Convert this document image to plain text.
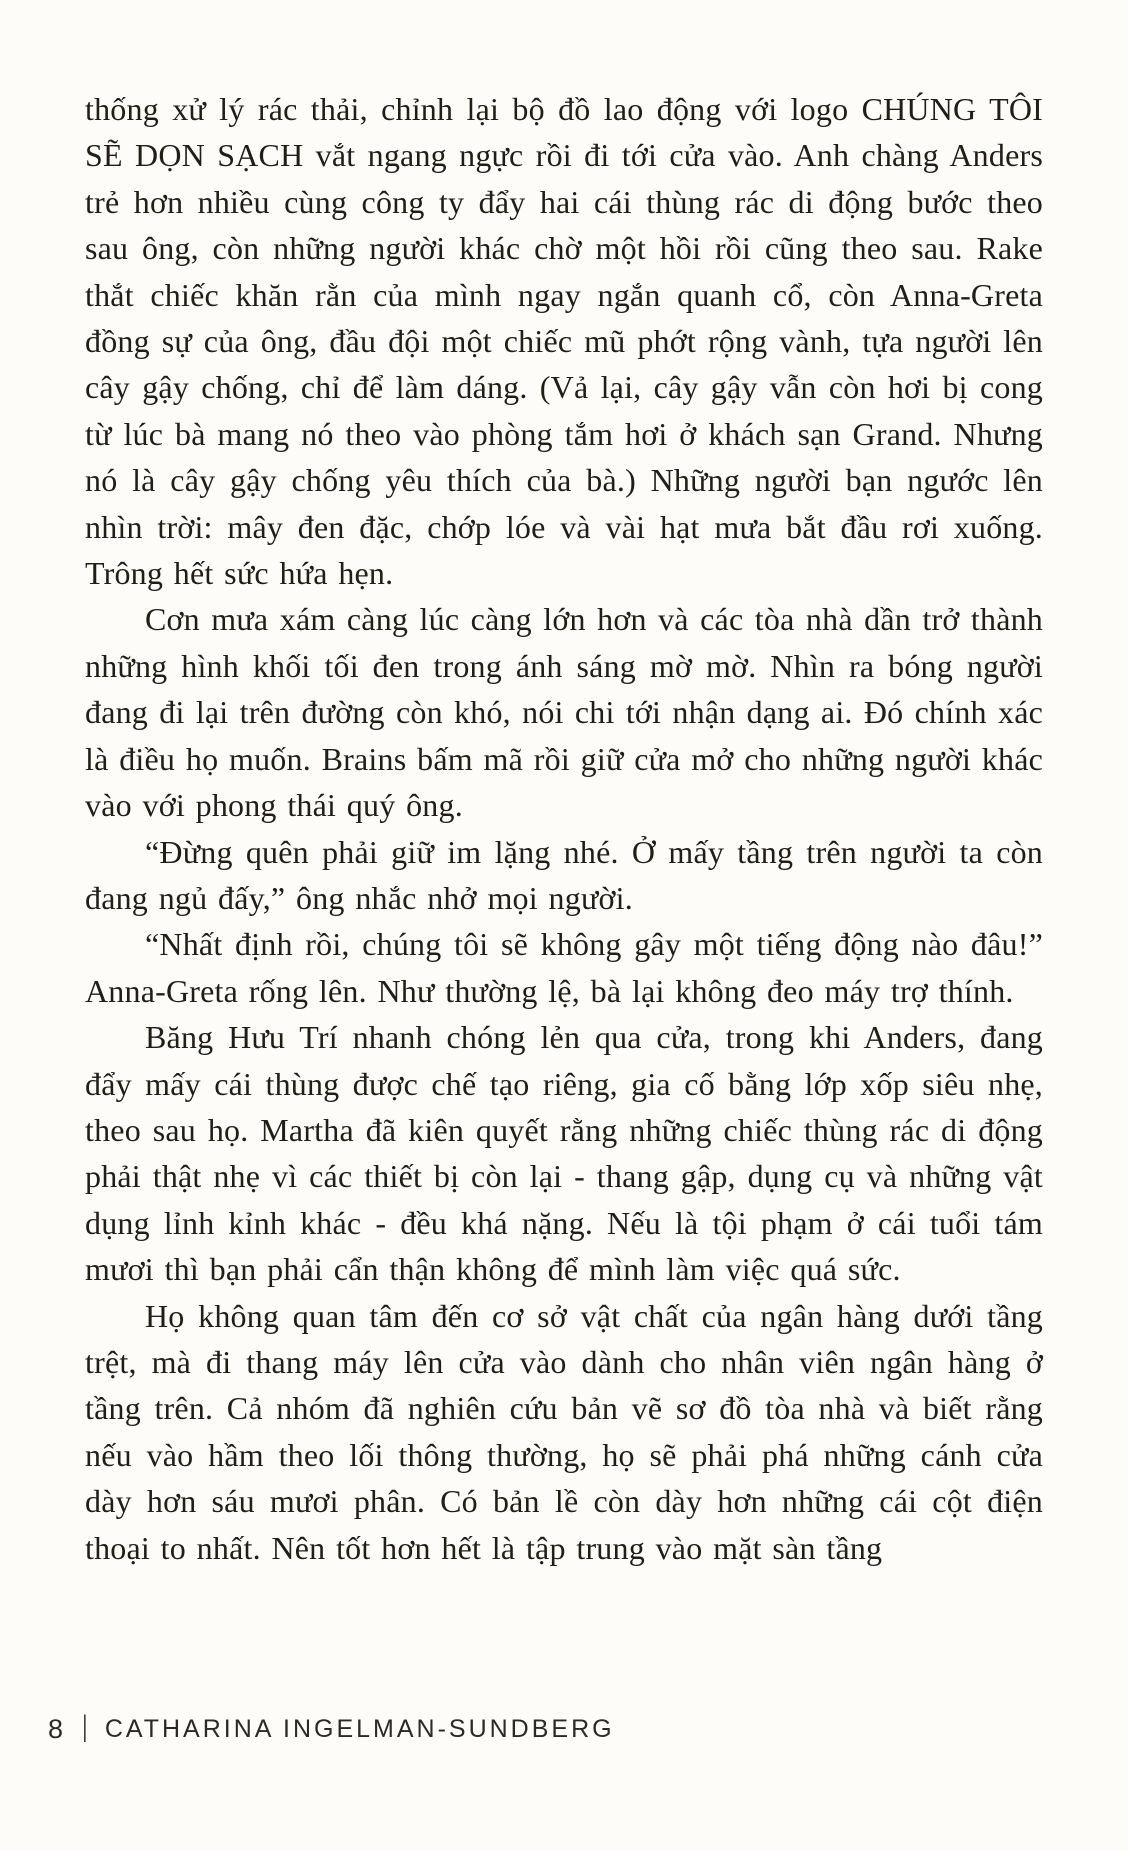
thống xử lý rác thải, chỉnh lại bộ đồ lao động với logo CHÚNG TÔI SẼ DỌN SẠCH vắt ngang ngực rồi đi tới cửa vào. Anh chàng Anders trẻ hơn nhiều cùng công ty đẩy hai cái thùng rác di động bước theo sau ông, còn những người khác chờ một hồi rồi cũng theo sau. Rake thắt chiếc khăn rằn của mình ngay ngắn quanh cổ, còn Anna-Greta đồng sự của ông, đầu đội một chiếc mũ phớt rộng vành, tựa người lên cây gậy chống, chỉ để làm dáng. (Vả lại, cây gậy vẫn còn hơi bị cong từ lúc bà mang nó theo vào phòng tắm hơi ở khách sạn Grand. Nhưng nó là cây gậy chống yêu thích của bà.) Những người bạn ngước lên nhìn trời: mây đen đặc, chớp lóe và vài hạt mưa bắt đầu rơi xuống. Trông hết sức hứa hẹn.

Cơn mưa xám càng lúc càng lớn hơn và các tòa nhà dần trở thành những hình khối tối đen trong ánh sáng mờ mờ. Nhìn ra bóng người đang đi lại trên đường còn khó, nói chi tới nhận dạng ai. Đó chính xác là điều họ muốn. Brains bấm mã rồi giữ cửa mở cho những người khác vào với phong thái quý ông.

“Đừng quên phải giữ im lặng nhé. Ở mấy tầng trên người ta còn đang ngủ đấy,” ông nhắc nhở mọi người.

“Nhất định rồi, chúng tôi sẽ không gây một tiếng động nào đâu!” Anna-Greta rống lên. Như thường lệ, bà lại không đeo máy trợ thính.

Băng Hưu Trí nhanh chóng lẻn qua cửa, trong khi Anders, đang đẩy mấy cái thùng được chế tạo riêng, gia cố bằng lớp xốp siêu nhẹ, theo sau họ. Martha đã kiên quyết rằng những chiếc thùng rác di động phải thật nhẹ vì các thiết bị còn lại - thang gập, dụng cụ và những vật dụng lỉnh kỉnh khác - đều khá nặng. Nếu là tội phạm ở cái tuổi tám mươi thì bạn phải cẩn thận không để mình làm việc quá sức.

Họ không quan tâm đến cơ sở vật chất của ngân hàng dưới tầng trệt, mà đi thang máy lên cửa vào dành cho nhân viên ngân hàng ở tầng trên. Cả nhóm đã nghiên cứu bản vẽ sơ đồ tòa nhà và biết rằng nếu vào hầm theo lối thông thường, họ sẽ phải phá những cánh cửa dày hơn sáu mươi phân. Có bản lề còn dày hơn những cái cột điện thoại to nhất. Nên tốt hơn hết là tập trung vào mặt sàn tầng

8 | CATHARINA INGELMAN-SUNDBERG
